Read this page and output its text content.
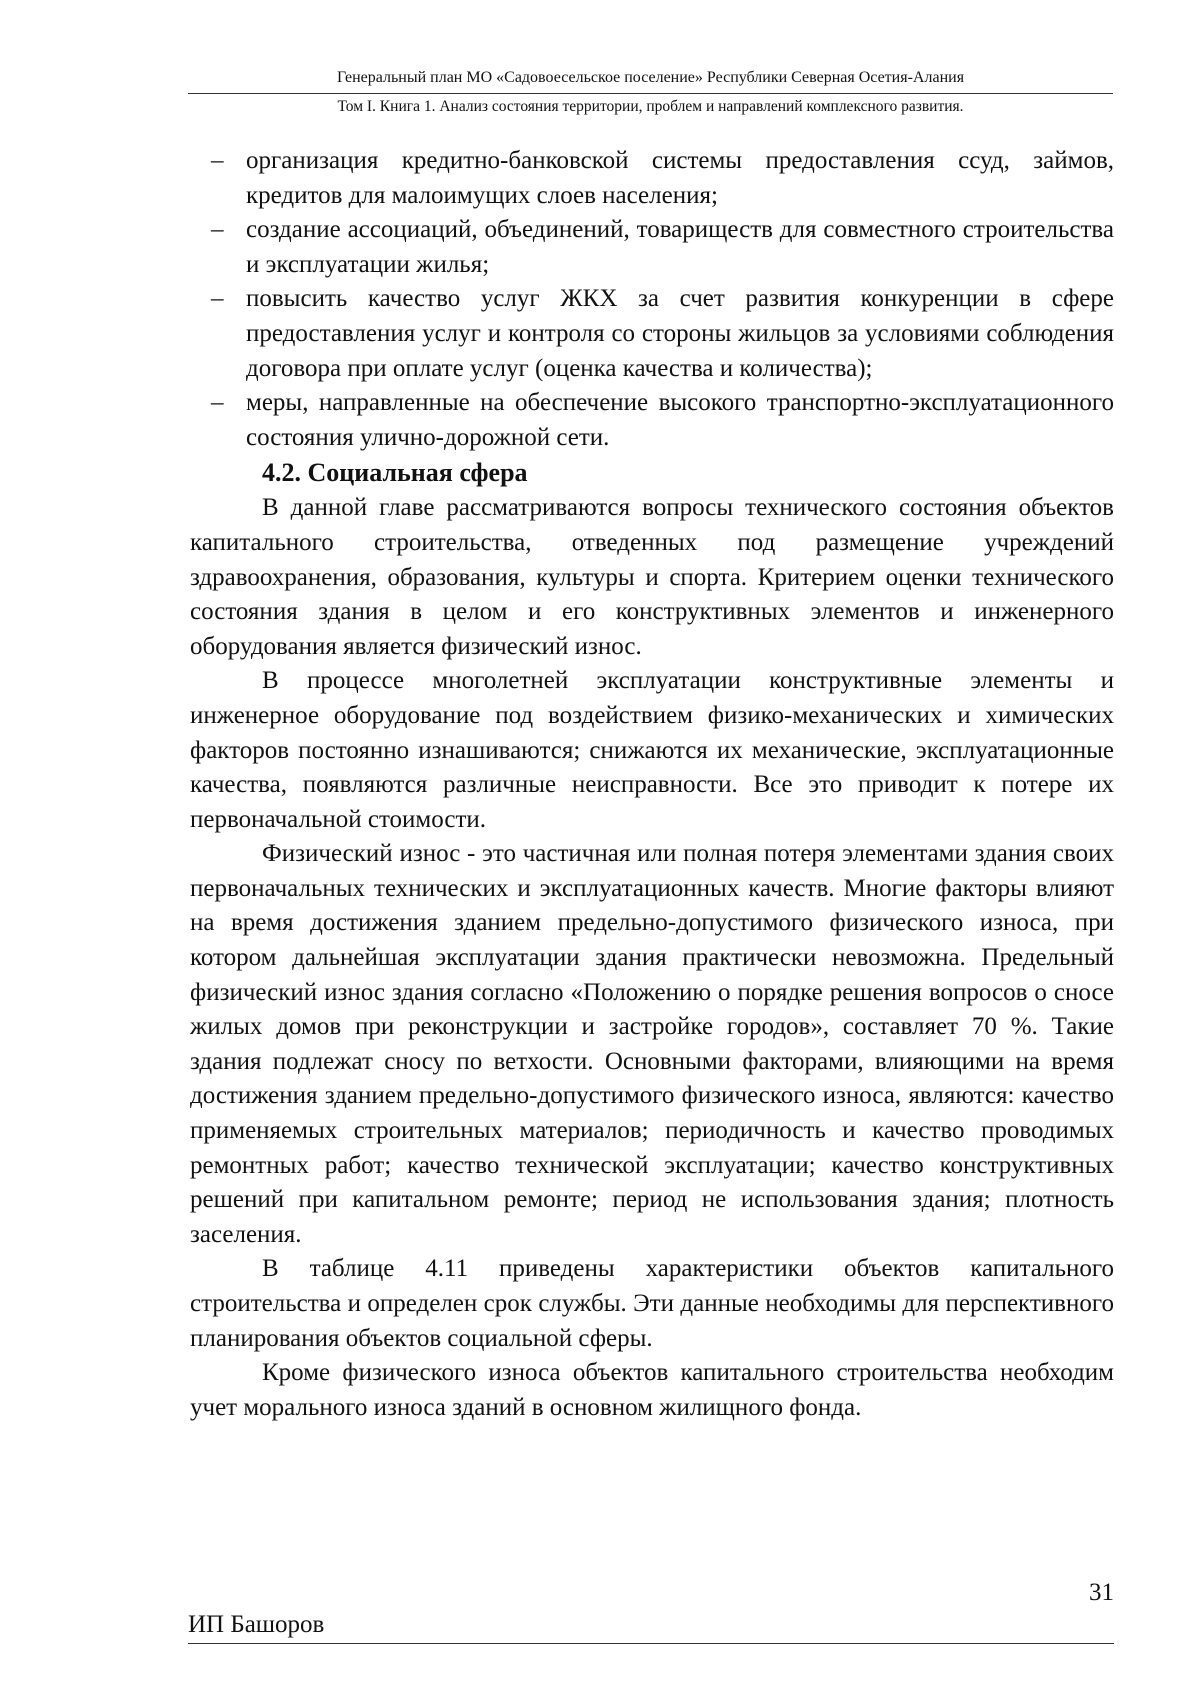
Генеральный план МО «Садовоесельское поселение» Республики Северная Осетия-Алания
Том I. Книга 1. Анализ состояния территории, проблем и направлений комплексного развития.
– организация кредитно-банковской системы предоставления ссуд, займов, кредитов для малоимущих слоев населения;
– создание ассоциаций, объединений, товариществ для совместного строительства и эксплуатации жилья;
– повысить качество услуг ЖКХ за счет развития конкуренции в сфере предоставления услуг и контроля со стороны жильцов за условиями соблюдения договора при оплате услуг (оценка качества и количества);
– меры, направленные на обеспечение высокого транспортно-эксплуатационного состояния улично-дорожной сети.
4.2. Социальная сфера

В данной главе рассматриваются вопросы технического состояния объектов капитального строительства, отведенных под размещение учреждений здравоохранения, образования, культуры и спорта. Критерием оценки технического состояния здания в целом и его конструктивных элементов и инженерного оборудования является физический износ.

В процессе многолетней эксплуатации конструктивные элементы и инженерное оборудование под воздействием физико-механических и химических факторов постоянно изнашиваются; снижаются их механические, эксплуатационные качества, появляются различные неисправности. Все это приводит к потере их первоначальной стоимости.

Физический износ - это частичная или полная потеря элементами здания своих первоначальных технических и эксплуатационных качеств. Многие факторы влияют на время достижения зданием предельно-допустимого физического износа, при котором дальнейшая эксплуатации здания практически невозможна. Предельный физический износ здания согласно «Положению о порядке решения вопросов о сносе жилых домов при реконструкции и застройке городов», составляет 70 %. Такие здания подлежат сносу по ветхости. Основными факторами, влияющими на время достижения зданием предельно-допустимого физического износа, являются: качество применяемых строительных материалов; периодичность и качество проводимых ремонтных работ; качество технической эксплуатации; качество конструктивных решений при капитальном ремонте; период не использования здания; плотность заселения.

В таблице 4.11 приведены характеристики объектов капитального строительства и определен срок службы. Эти данные необходимы для перспективного планирования объектов социальной сферы.

Кроме физического износа объектов капитального строительства необходим учет морального износа зданий в основном жилищного фонда.

31
ИП Башоров
